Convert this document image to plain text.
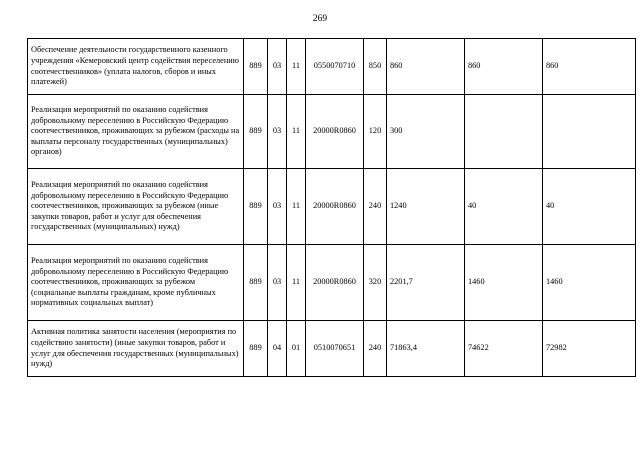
269
Обеспечение деятельности государственного казенного учреждения «Кемеровский центр содействия переселению соотечественников» (уплата налогов, сборов и иных платежей)	889	03	11	0550070710	850	860	860	860
Реализация мероприятий по оказанию содействия добровольному переселению в Российскую Федерацию соотечественников, проживающих за рубежом (расходы на выплаты персоналу государственных (муниципальных) органов)	889	03	11	20000R0860	120	300		
Реализация мероприятий по оказанию содействия добровольному переселению в Российскую Федерацию соотечественников, проживающих за рубежом (иные закупки товаров, работ и услуг для обеспечения государственных (муниципальных) нужд)	889	03	11	20000R0860	240	1240	40	40
Реализация мероприятий по оказанию содействия добровольному переселению в Российскую Федерацию соотечественников, проживающих за рубежом (социальные выплаты гражданам, кроме публичных нормативных социальных выплат)	889	03	11	20000R0860	320	2201,7	1460	1460
Активная политика занятости населения (мероприятия по содействию занятости) (иные закупки товаров, работ и услуг для обеспечения государственных (муниципальных) нужд)	889	04	01	0510070651	240	71863,4	74622	72982
